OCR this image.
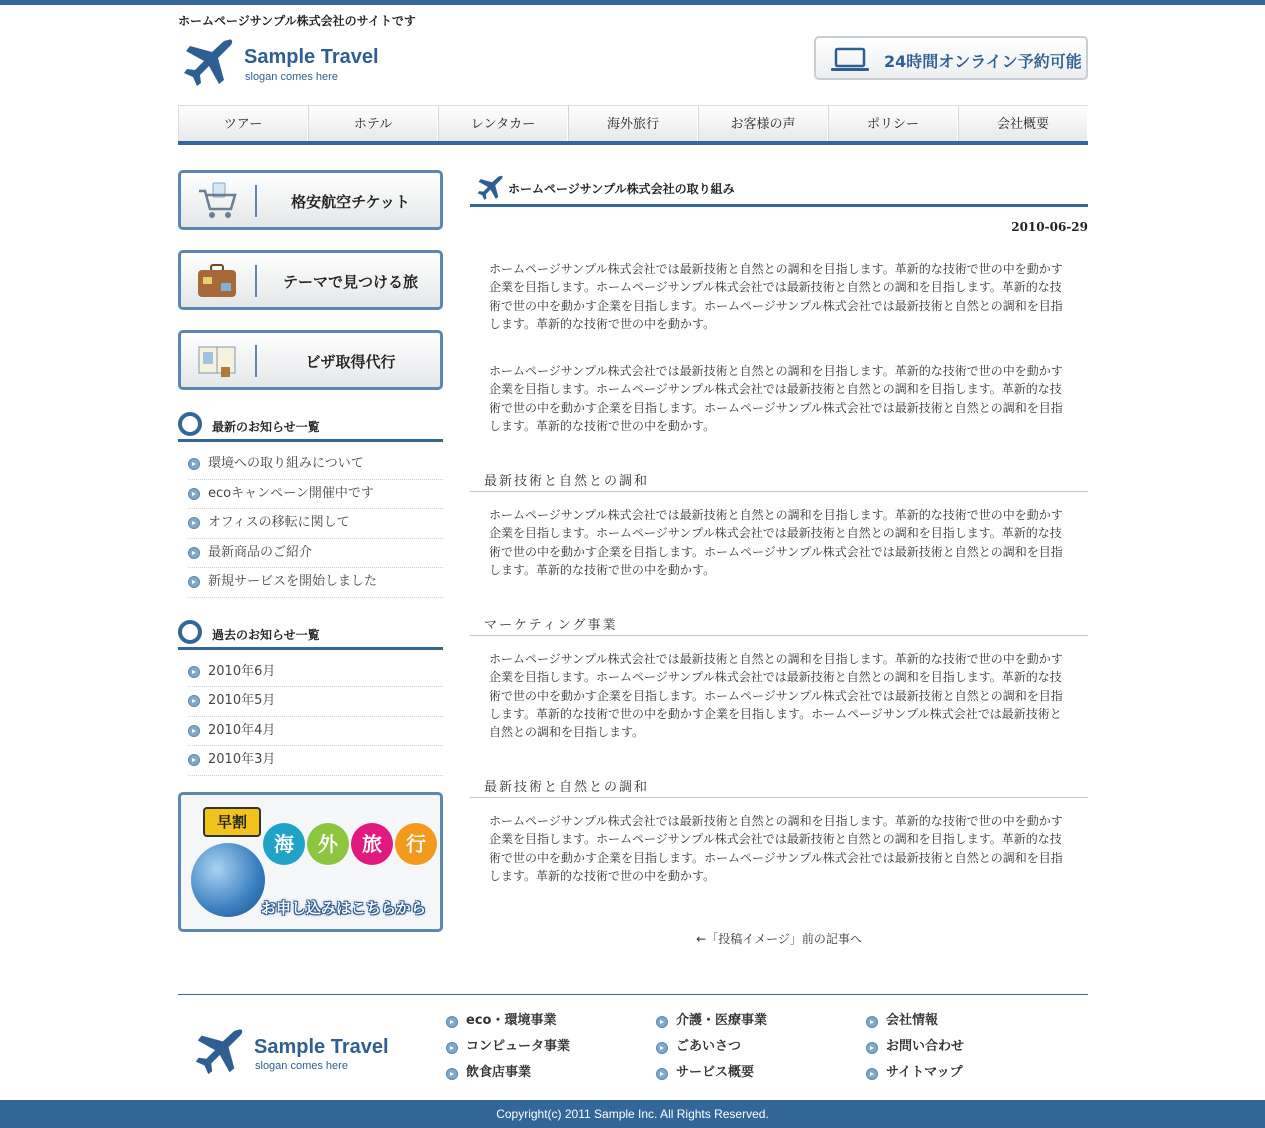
ホームページサンプル株式会社のサイトです
Sample Travel
slogan comes here
24時間オンライン予約可能
ツアー	ホテル	レンタカー	海外旅行	お客様の声	ポリシー	会社概要
格安航空チケット
テーマで見つける旅
ビザ取得代行
最新のお知らせ一覧
環境への取り組みについて
ecoキャンペーン開催中です
オフィスの移転に関して
最新商品のご紹介
新規サービスを開始しました
過去のお知らせ一覧
2010年6月
2010年5月
2010年4月
2010年3月
早割
海	外	旅	行
お申し込みはこちらから
ホームページサンプル株式会社の取り組み
2010-06-29

ホームページサンプル株式会社では最新技術と自然との調和を目指します。革新的な技術で世の中を動かす企業を目指します。ホームページサンプル株式会社では最新技術と自然との調和を目指します。革新的な技術で世の中を動かす企業を目指します。ホームページサンプル株式会社では最新技術と自然との調和を目指します。革新的な技術で世の中を動かす。

ホームページサンプル株式会社では最新技術と自然との調和を目指します。革新的な技術で世の中を動かす企業を目指します。ホームページサンプル株式会社では最新技術と自然との調和を目指します。革新的な技術で世の中を動かす企業を目指します。ホームページサンプル株式会社では最新技術と自然との調和を目指します。革新的な技術で世の中を動かす。

最新技術と自然との調和

ホームページサンプル株式会社では最新技術と自然との調和を目指します。革新的な技術で世の中を動かす企業を目指します。ホームページサンプル株式会社では最新技術と自然との調和を目指します。革新的な技術で世の中を動かす企業を目指します。ホームページサンプル株式会社では最新技術と自然との調和を目指します。革新的な技術で世の中を動かす。

マーケティング事業

ホームページサンプル株式会社では最新技術と自然との調和を目指します。革新的な技術で世の中を動かす企業を目指します。ホームページサンプル株式会社では最新技術と自然との調和を目指します。革新的な技術で世の中を動かす企業を目指します。ホームページサンプル株式会社では最新技術と自然との調和を目指します。革新的な技術で世の中を動かす企業を目指します。ホームページサンプル株式会社では最新技術と自然との調和を目指します。

最新技術と自然との調和

ホームページサンプル株式会社では最新技術と自然との調和を目指します。革新的な技術で世の中を動かす企業を目指します。ホームページサンプル株式会社では最新技術と自然との調和を目指します。革新的な技術で世の中を動かす企業を目指します。ホームページサンプル株式会社では最新技術と自然との調和を目指します。革新的な技術で世の中を動かす。

←「投稿イメージ」前の記事へ
Sample Travel
slogan comes here
eco・環境事業
コンピュータ事業
飲食店事業
介護・医療事業
ごあいさつ
サービス概要
会社情報
お問い合わせ
サイトマップ
Copyright(c) 2011 Sample Inc. All Rights Reserved.
